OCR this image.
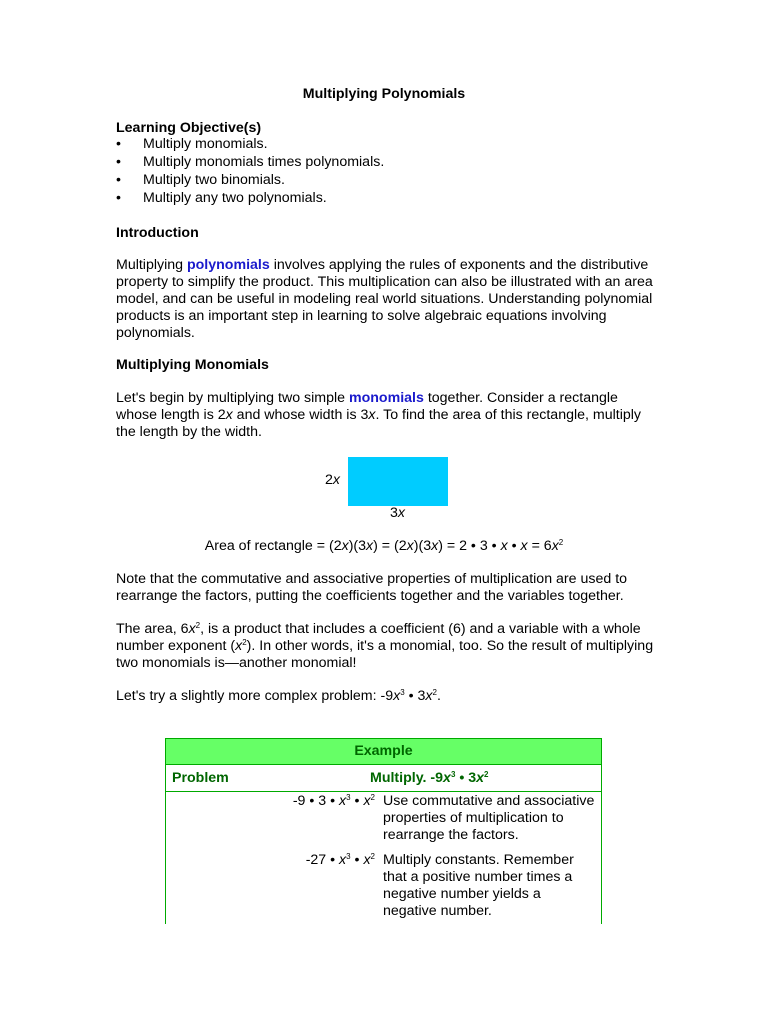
Multiplying Polynomials
Learning Objective(s)
• Multiply monomials.
• Multiply monomials times polynomials.
• Multiply two binomials.
• Multiply any two polynomials.
Introduction
Multiplying polynomials involves applying the rules of exponents and the distributive property to simplify the product. This multiplication can also be illustrated with an area model, and can be useful in modeling real world situations. Understanding polynomial products is an important step in learning to solve algebraic equations involving polynomials.
Multiplying Monomials
Let's begin by multiplying two simple monomials together. Consider a rectangle whose length is 2x and whose width is 3x. To find the area of this rectangle, multiply the length by the width.
2x
3x
Area of rectangle = (2x)(3x) = (2x)(3x) = 2 • 3 • x • $x = 6x^2$
Note that the commutative and associative properties of multiplication are used to rearrange the factors, putting the coefficients together and the variables together.
The area, $6x^2$, is a product that includes a coefficient (6) and a variable with a whole number exponent $(x^2)$. In other words, it's a monomial, too. So the result of multiplying two monomials is—another monomial!
Let's try a slightly more complex problem: $-9x^3$ • $3x^2$.
Example
Problem	Multiply. $-9x^3$ • $3x^2$
-9 • 3 • $x^3$ • $x^2$ Use commutative and associative properties of multiplication to rearrange the factors.
-27 • $x^3$ • $x^2$ Multiply constants. Remember that a positive number times a negative number yields a negative number.
